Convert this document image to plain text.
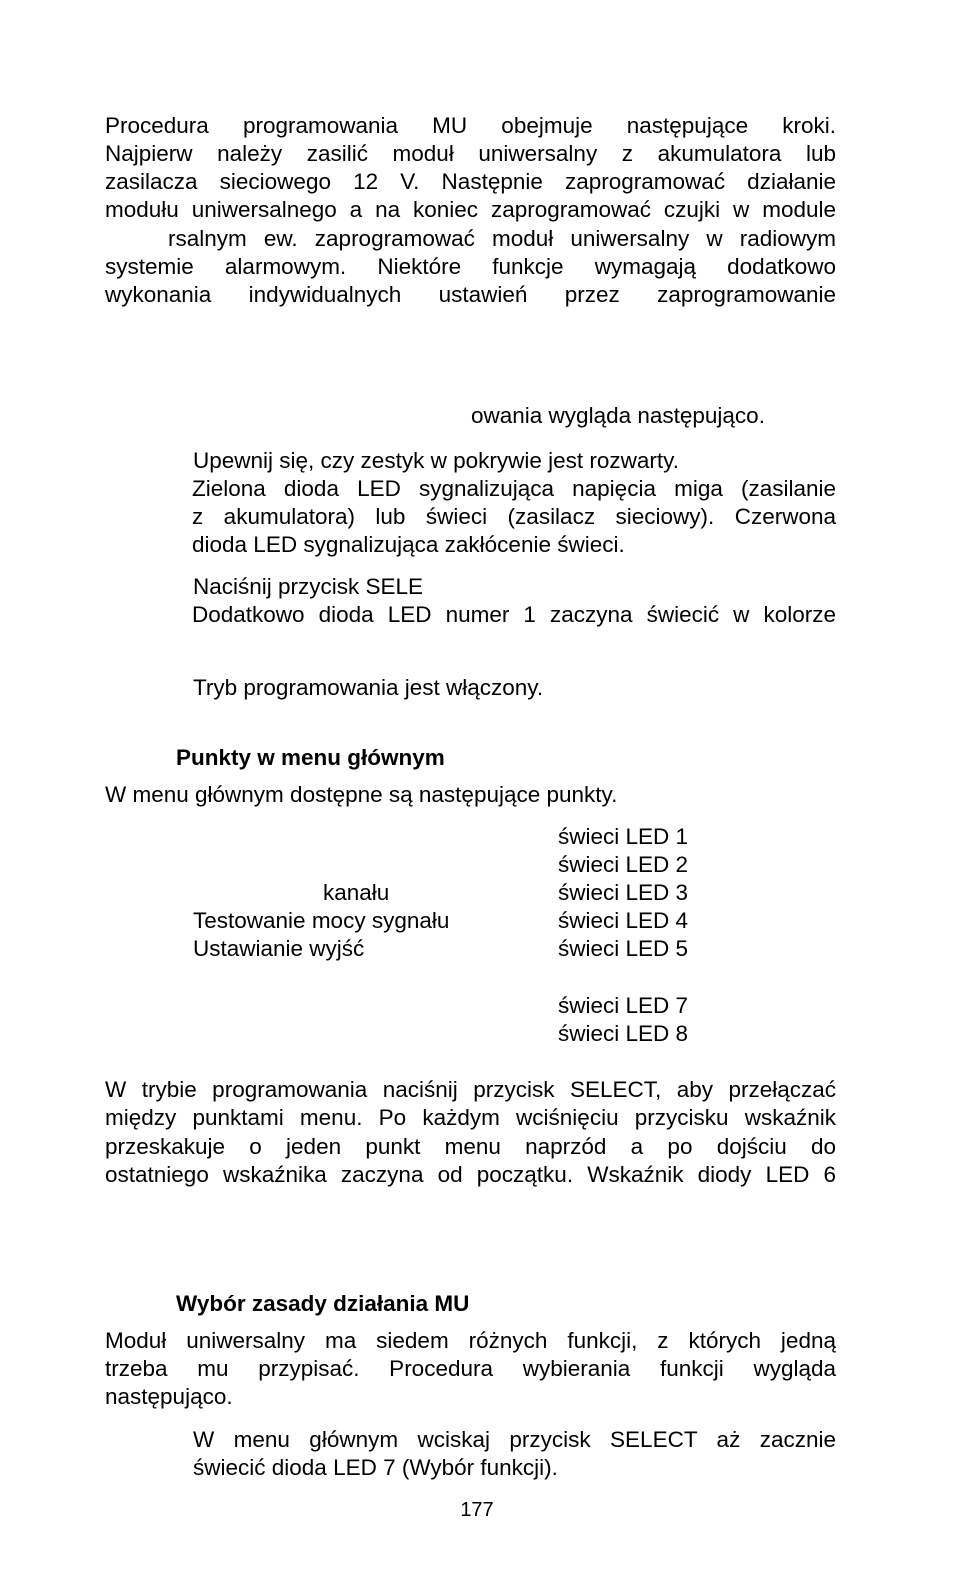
Procedura programowania MU obejmuje następujące kroki.
Najpierw należy zasilić moduł uniwersalny z akumulatora lub
zasilacza sieciowego 12 V. Następnie zaprogramować działanie
modułu uniwersalnego a na koniec zaprogramować czujki w module
rsalnym ew. zaprogramować moduł uniwersalny w radiowym
systemie alarmowym. Niektóre funkcje wymagają dodatkowo
wykonania indywidualnych ustawień przez zaprogramowanie
owania wygląda następująco.
Upewnij się, czy zestyk w pokrywie jest rozwarty.
Zielona dioda LED sygnalizująca napięcia miga (zasilanie
z akumulatora) lub świeci (zasilacz sieciowy). Czerwona
dioda LED sygnalizująca zakłócenie świeci.
Naciśnij przycisk SELE
Dodatkowo dioda LED numer 1 zaczyna świecić w kolorze
Tryb programowania jest włączony.
Punkty w menu głównym
W menu głównym dostępne są następujące punkty.
kanału
Testowanie mocy sygnału
Ustawianie wyjść
świeci LED 1
świeci LED 2
świeci LED 3
świeci LED 4
świeci LED 5
świeci LED 7
świeci LED 8
W trybie programowania naciśnij przycisk SELECT, aby przełączać
między punktami menu. Po każdym wciśnięciu przycisku wskaźnik
przeskakuje o jeden punkt menu naprzód a po dojściu do
ostatniego wskaźnika zaczyna od początku. Wskaźnik diody LED 6
Wybór zasady działania MU
Moduł uniwersalny ma siedem różnych funkcji, z których jedną
trzeba mu przypisać. Procedura wybierania funkcji wygląda
następująco.
W menu głównym wciskaj przycisk SELECT aż zacznie
świecić dioda LED 7 (Wybór funkcji).
177
